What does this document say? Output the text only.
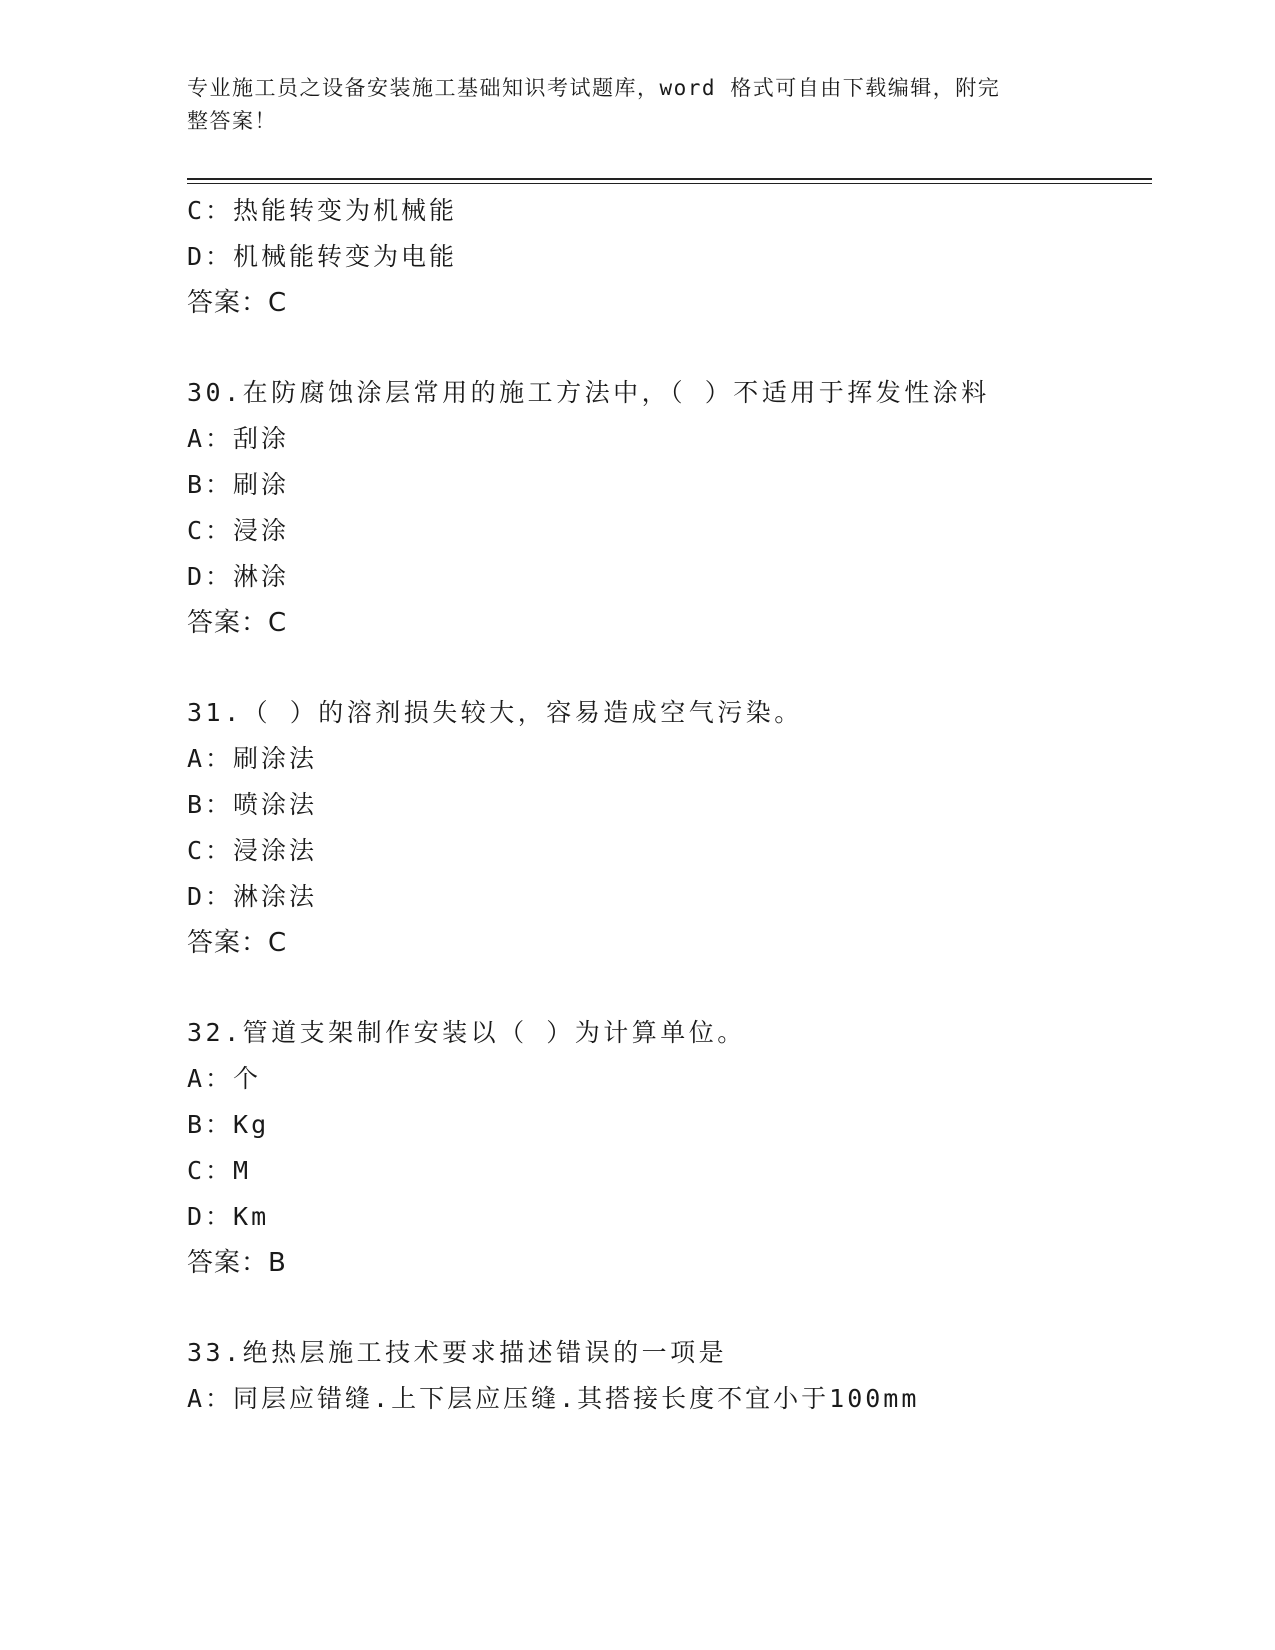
专业施工员之设备安装施工基础知识考试题库，word 格式可自由下载编辑，附完
整答案！
C：热能转变为机械能
D：机械能转变为电能
答案：C
30.在防腐蚀涂层常用的施工方法中，（ ）不适用于挥发性涂料
A：刮涂
B：刷涂
C：浸涂
D：淋涂
答案：C
31.（ ）的溶剂损失较大，容易造成空气污染。
A：刷涂法
B：喷涂法
C：浸涂法
D：淋涂法
答案：C
32.管道支架制作安装以（ ）为计算单位。
A：个
B：Kg
C：M
D：Km
答案：B
33.绝热层施工技术要求描述错误的一项是
A：同层应错缝.上下层应压缝.其搭接长度不宜小于100mm
